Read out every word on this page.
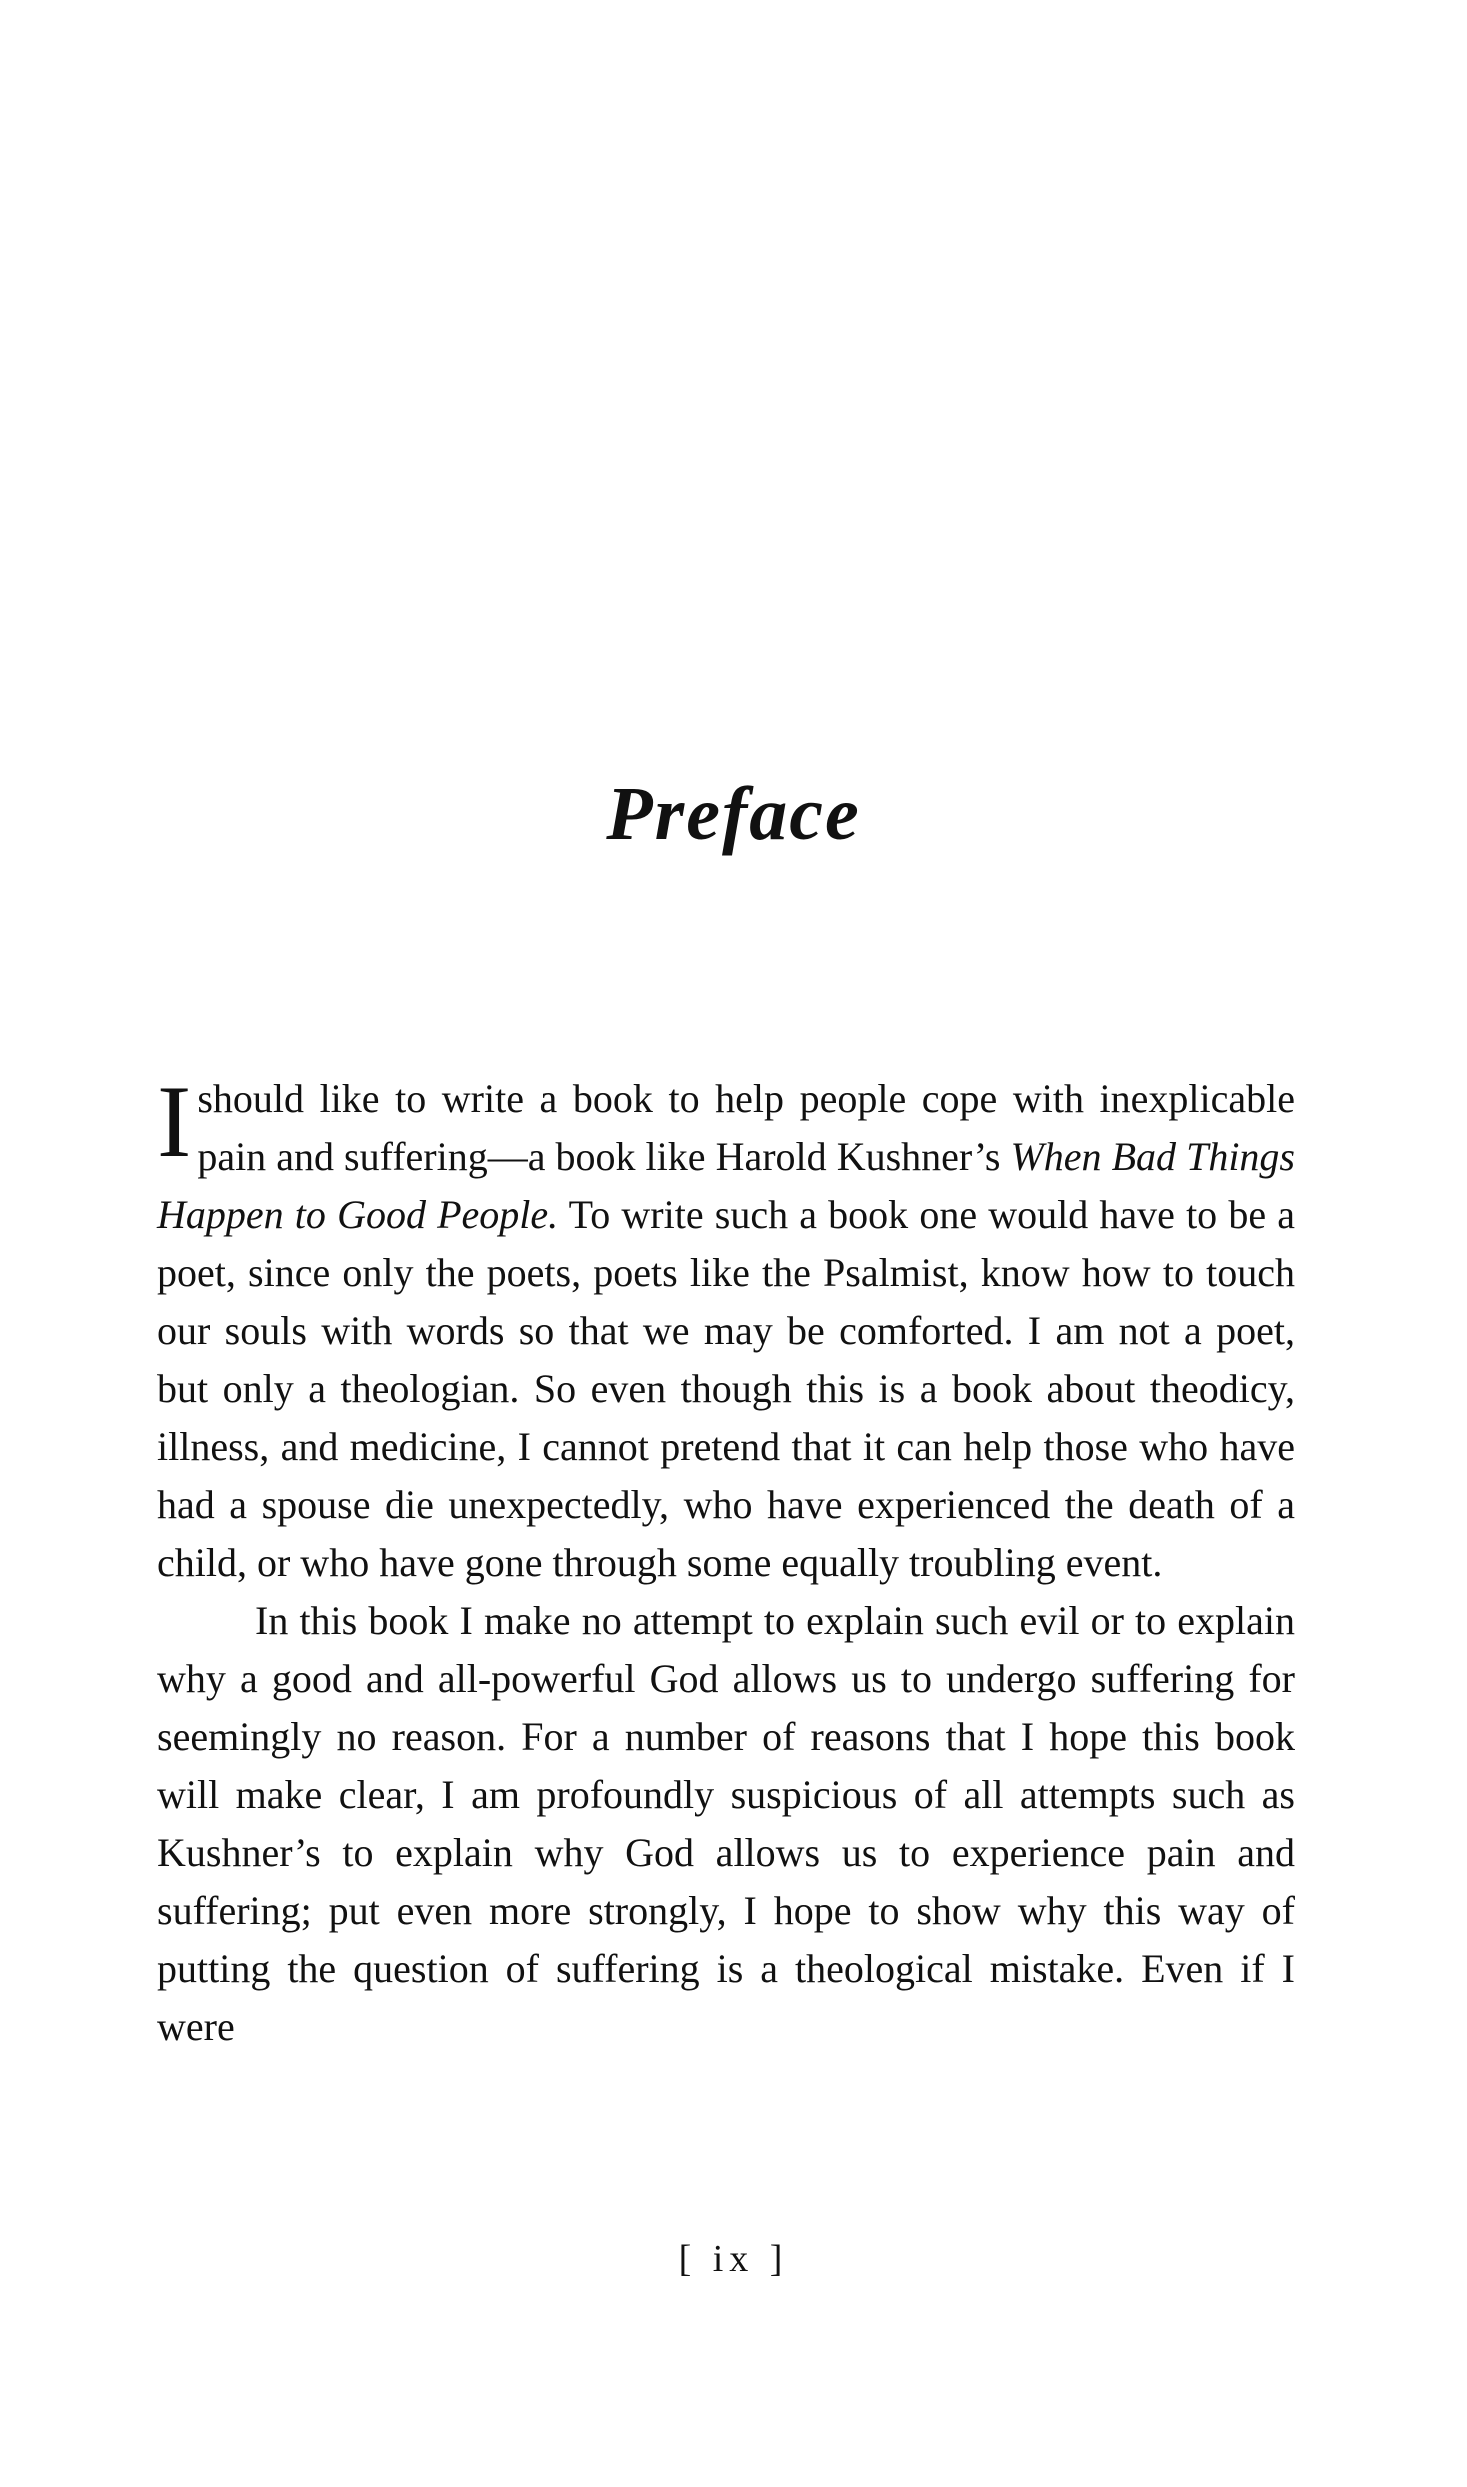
Preface

Ishould like to write a book to help people cope with inexplicable pain and suffering—a book like Harold Kushner’s When Bad Things Happen to Good People. To write such a book one would have to be a poet, since only the poets, poets like the Psalmist, know how to touch our souls with words so that we may be comforted. I am not a poet, but only a theologian. So even though this is a book about theodicy, illness, and medicine, I cannot pretend that it can help those who have had a spouse die unexpectedly, who have experienced the death of a child, or who have gone through some equally troubling event.

In this book I make no attempt to explain such evil or to explain why a good and all-powerful God allows us to undergo suffering for seemingly no reason. For a number of reasons that I hope this book will make clear, I am profoundly suspicious of all attempts such as Kushner’s to explain why God allows us to experience pain and suffering; put even more strongly, I hope to show why this way of putting the question of suffering is a theological mistake. Even if I were

[ ix ]
